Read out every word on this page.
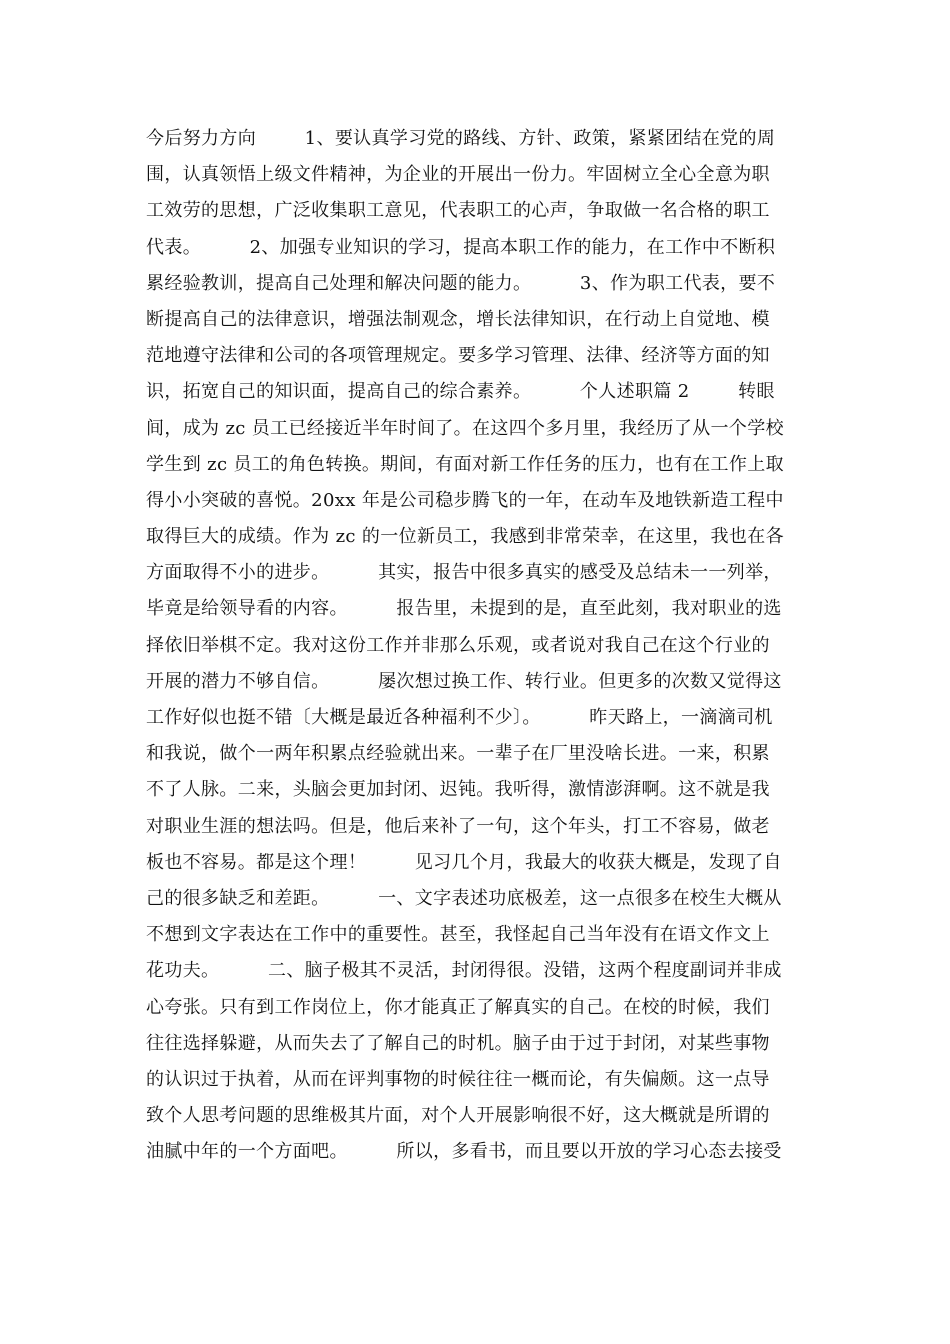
今后努力方向        1、要认真学习党的路线、方针、政策，紧紧团结在党的周
围，认真领悟上级文件精神，为企业的开展出一份力。牢固树立全心全意为职
工效劳的思想，广泛收集职工意见，代表职工的心声，争取做一名合格的职工
代表。        2、加强专业知识的学习，提高本职工作的能力，在工作中不断积
累经验教训，提高自己处理和解决问题的能力。        3、作为职工代表，要不
断提高自己的法律意识，增强法制观念，增长法律知识，在行动上自觉地、模
范地遵守法律和公司的各项管理规定。要多学习管理、法律、经济等方面的知
识，拓宽自己的知识面，提高自己的综合素养。        个人述职篇 2        转眼
间，成为 zc 员工已经接近半年时间了。在这四个多月里，我经历了从一个学校
学生到 zc 员工的角色转换。期间，有面对新工作任务的压力，也有在工作上取
得小小突破的喜悦。20xx 年是公司稳步腾飞的一年，在动车及地铁新造工程中
取得巨大的成绩。作为 zc 的一位新员工，我感到非常荣幸，在这里，我也在各
方面取得不小的进步。        其实，报告中很多真实的感受及总结未一一列举，
毕竟是给领导看的内容。        报告里，未提到的是，直至此刻，我对职业的选
择依旧举棋不定。我对这份工作并非那么乐观，或者说对我自己在这个行业的
开展的潜力不够自信。        屡次想过换工作、转行业。但更多的次数又觉得这
工作好似也挺不错〔大概是最近各种福利不少〕。        昨天路上，一滴滴司机
和我说，做个一两年积累点经验就出来。一辈子在厂里没啥长进。一来，积累
不了人脉。二来，头脑会更加封闭、迟钝。我听得，激情澎湃啊。这不就是我
对职业生涯的想法吗。但是，他后来补了一句，这个年头，打工不容易，做老
板也不容易。都是这个理！        见习几个月，我最大的收获大概是，发现了自
己的很多缺乏和差距。        一、文字表述功底极差，这一点很多在校生大概从
不想到文字表达在工作中的重要性。甚至，我怪起自己当年没有在语文作文上
花功夫。        二、脑子极其不灵活，封闭得很。没错，这两个程度副词并非成
心夸张。只有到工作岗位上，你才能真正了解真实的自己。在校的时候，我们
往往选择躲避，从而失去了了解自己的时机。脑子由于过于封闭，对某些事物
的认识过于执着，从而在评判事物的时候往往一概而论，有失偏颇。这一点导
致个人思考问题的思维极其片面，对个人开展影响很不好，这大概就是所谓的
油腻中年的一个方面吧。        所以，多看书，而且要以开放的学习心态去接受
